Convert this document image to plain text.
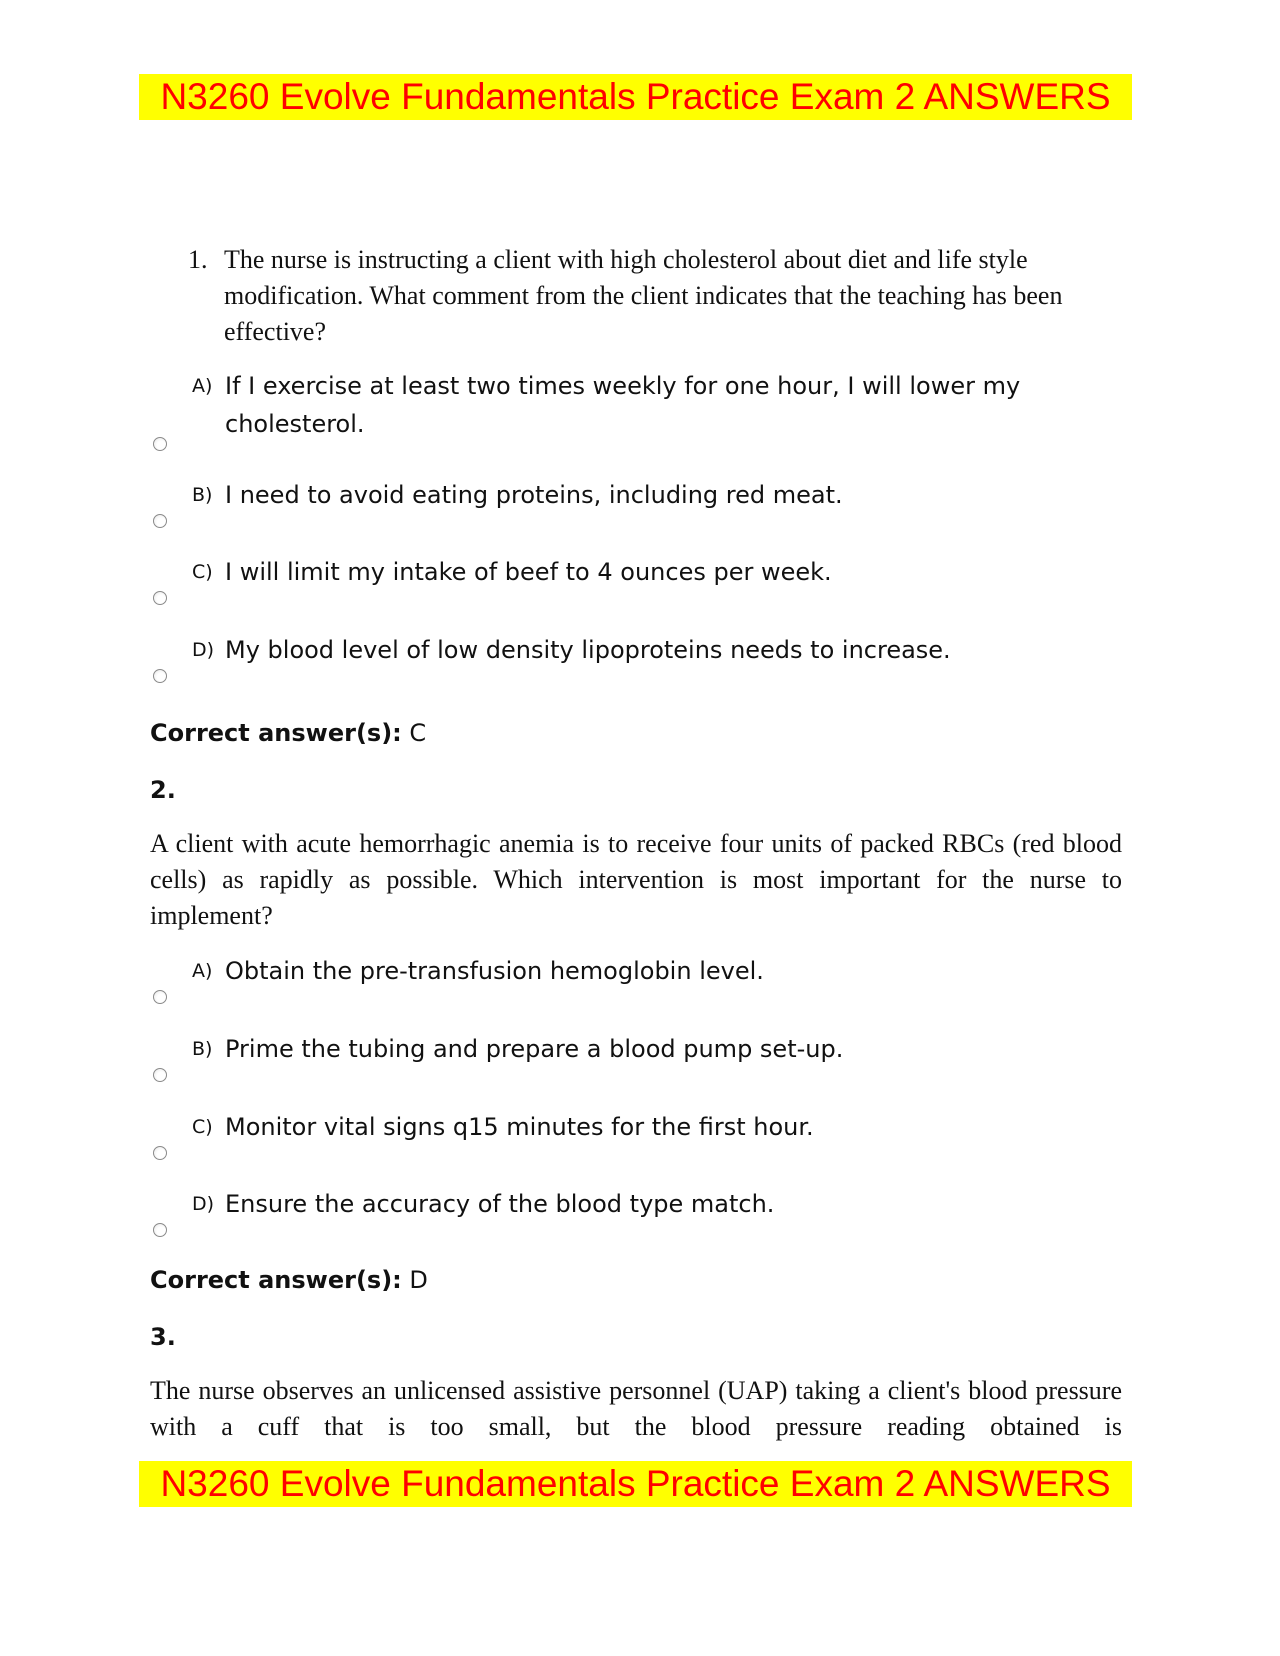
N3260 Evolve Fundamentals Practice Exam 2 ANSWERS
1. The nurse is instructing a client with high cholesterol about diet and life style modification. What comment from the client indicates that the teaching has been effective?
A) If I exercise at least two times weekly for one hour, I will lower my cholesterol.
B) I need to avoid eating proteins, including red meat.
C) I will limit my intake of beef to 4 ounces per week.
D) My blood level of low density lipoproteins needs to increase.
Correct answer(s): C
2.
A client with acute hemorrhagic anemia is to receive four units of packed RBCs (red blood cells) as rapidly as possible. Which intervention is most important for the nurse to implement?
A) Obtain the pre-transfusion hemoglobin level.
B) Prime the tubing and prepare a blood pump set-up.
C) Monitor vital signs q15 minutes for the first hour.
D) Ensure the accuracy of the blood type match.
Correct answer(s): D
3.
The nurse observes an unlicensed assistive personnel (UAP) taking a client's blood pressure with a cuff that is too small, but the blood pressure reading obtained is
N3260 Evolve Fundamentals Practice Exam 2 ANSWERS
